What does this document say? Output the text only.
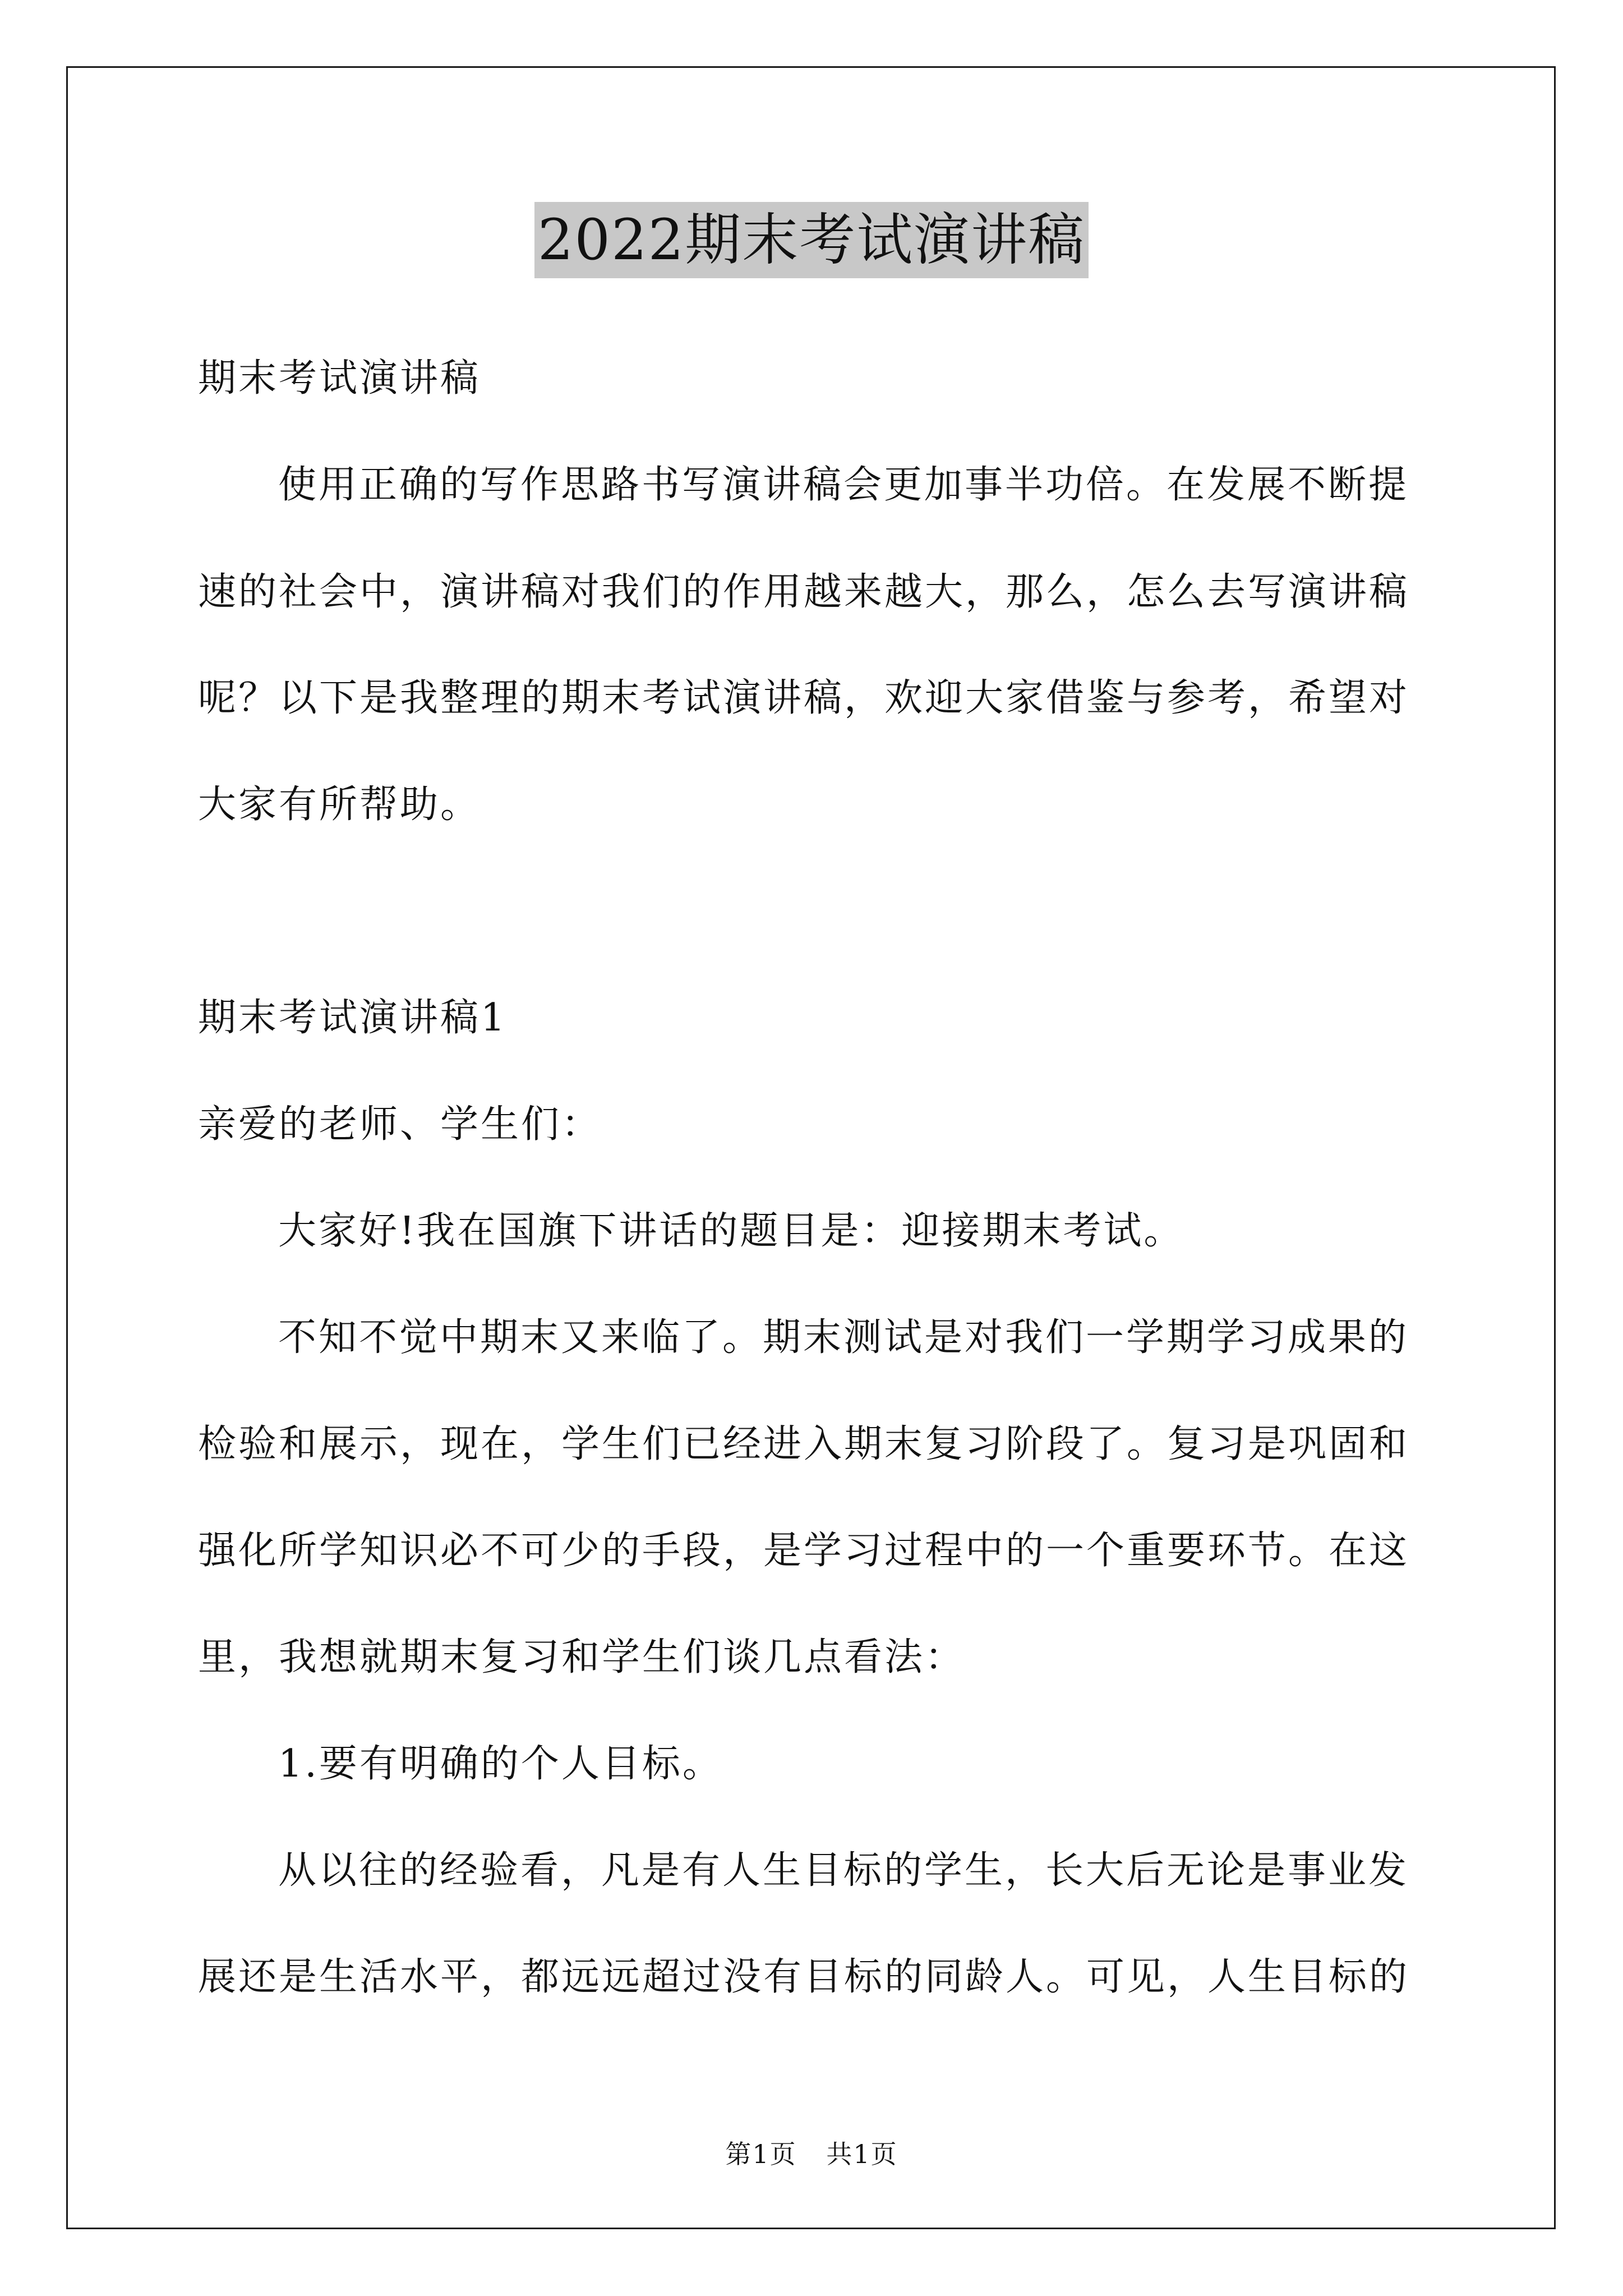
2022期末考试演讲稿
期末考试演讲稿
使用正确的写作思路书写演讲稿会更加事半功倍。在发展不断提
速的社会中，演讲稿对我们的作用越来越大，那么，怎么去写演讲稿
呢？以下是我整理的期末考试演讲稿，欢迎大家借鉴与参考，希望对
大家有所帮助。
期末考试演讲稿1
亲爱的老师、学生们：
大家好!我在国旗下讲话的题目是：迎接期末考试。
不知不觉中期末又来临了。期末测试是对我们一学期学习成果的
检验和展示，现在，学生们已经进入期末复习阶段了。复习是巩固和
强化所学知识必不可少的手段，是学习过程中的一个重要环节。在这
里，我想就期末复习和学生们谈几点看法：
1.要有明确的个人目标。
从以往的经验看，凡是有人生目标的学生，长大后无论是事业发
展还是生活水平，都远远超过没有目标的同龄人。可见，人生目标的
第1页 共1页
